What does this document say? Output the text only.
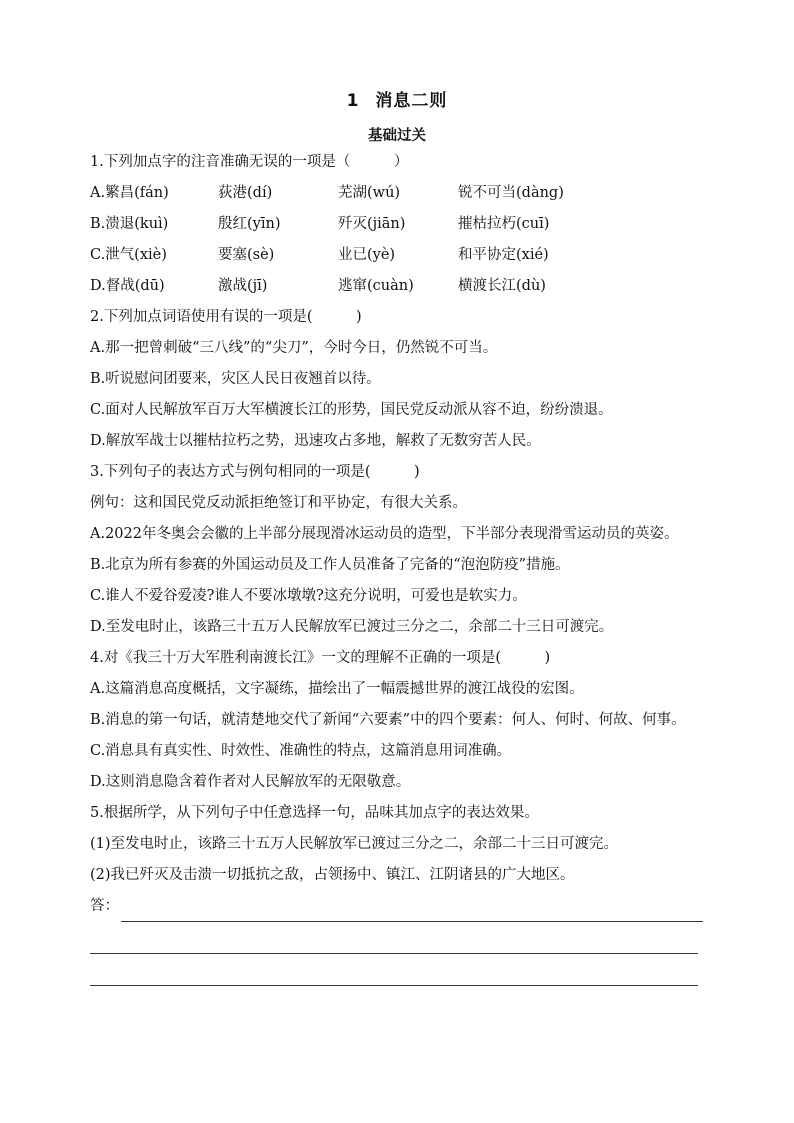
1 消息二则
基础过关
1.下列加点字的注音准确无误的一项是（　　　）
A.繁昌(fán)	荻港(dí)	芜湖(wú)	锐不可当(dàng)
B.溃退(kuì)	殷红(yīn)	歼灭(jiān)	摧枯拉朽(cuī)
C.泄气(xiè)	要塞(sè)	业已(yè)	和平协定(xié)
D.督战(dū)	激战(jī)	逃窜(cuàn)	横渡长江(dù)
2.下列加点词语使用有误的一项是(　　　)
A.那一把曾刺破“三八线”的“尖刀”，今时今日，仍然锐不可当。
B.听说慰问团要来，灾区人民日夜翘首以待。
C.面对人民解放军百万大军横渡长江的形势，国民党反动派从容不迫，纷纷溃退。
D.解放军战士以摧枯拉朽之势，迅速攻占多地，解救了无数穷苦人民。
3.下列句子的表达方式与例句相同的一项是(　　　)
例句：这和国民党反动派拒绝签订和平协定，有很大关系。
A.2022年冬奥会会徽的上半部分展现滑冰运动员的造型，下半部分表现滑雪运动员的英姿。
B.北京为所有参赛的外国运动员及工作人员准备了完备的“泡泡防疫”措施。
C.谁人不爱谷爱凌?谁人不要冰墩墩?这充分说明，可爱也是软实力。
D.至发电时止，该路三十五万人民解放军已渡过三分之二，余部二十三日可渡完。
4.对《我三十万大军胜利南渡长江》一文的理解不正确的一项是(　　　)
A.这篇消息高度概括，文字凝练，描绘出了一幅震撼世界的渡江战役的宏图。
B.消息的第一句话，就清楚地交代了新闻“六要素”中的四个要素：何人、何时、何故、何事。
C.消息具有真实性、时效性、准确性的特点，这篇消息用词准确。
D.这则消息隐含着作者对人民解放军的无限敬意。
5.根据所学，从下列句子中任意选择一句，品味其加点字的表达效果。
(1)至发电时止，该路三十五万人民解放军已渡过三分之二，余部二十三日可渡完。
(2)我已歼灭及击溃一切抵抗之敌，占领扬中、镇江、江阴诸县的广大地区。
答：
